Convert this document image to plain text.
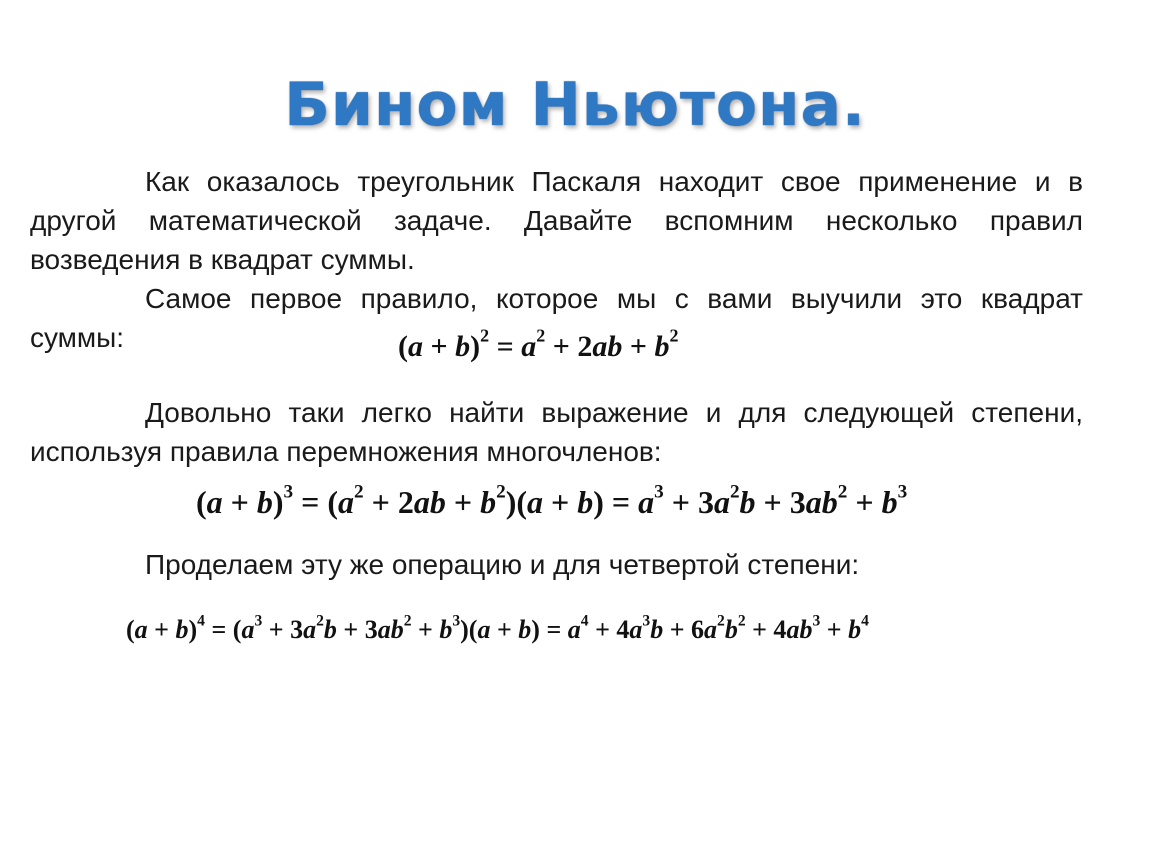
Бином Ньютона.

Как оказалось треугольник Паскаля находит свое применение и в другой математической задаче. Давайте вспомним несколько правил возведения в квадрат суммы.

Самое первое правило, которое мы с вами выучили это квадрат суммы:	$(a + b)^2 = a^2 + 2ab + b^2$

Довольно таки легко найти выражение и для следующей степени, используя правила перемножения многочленов:

$(a + b)^3 = (a^2 + 2ab + b^2)(a + b) = a^3 + 3a^2b + 3ab^2 + b^3$

Проделаем эту же операцию и для четвертой степени:

$(a + b)^4 = (a^3 + 3a^2b + 3ab^2 + b^3)(a + b) = a^4 + 4a^3b + 6a^2b^2 + 4ab^3 + b^4$
